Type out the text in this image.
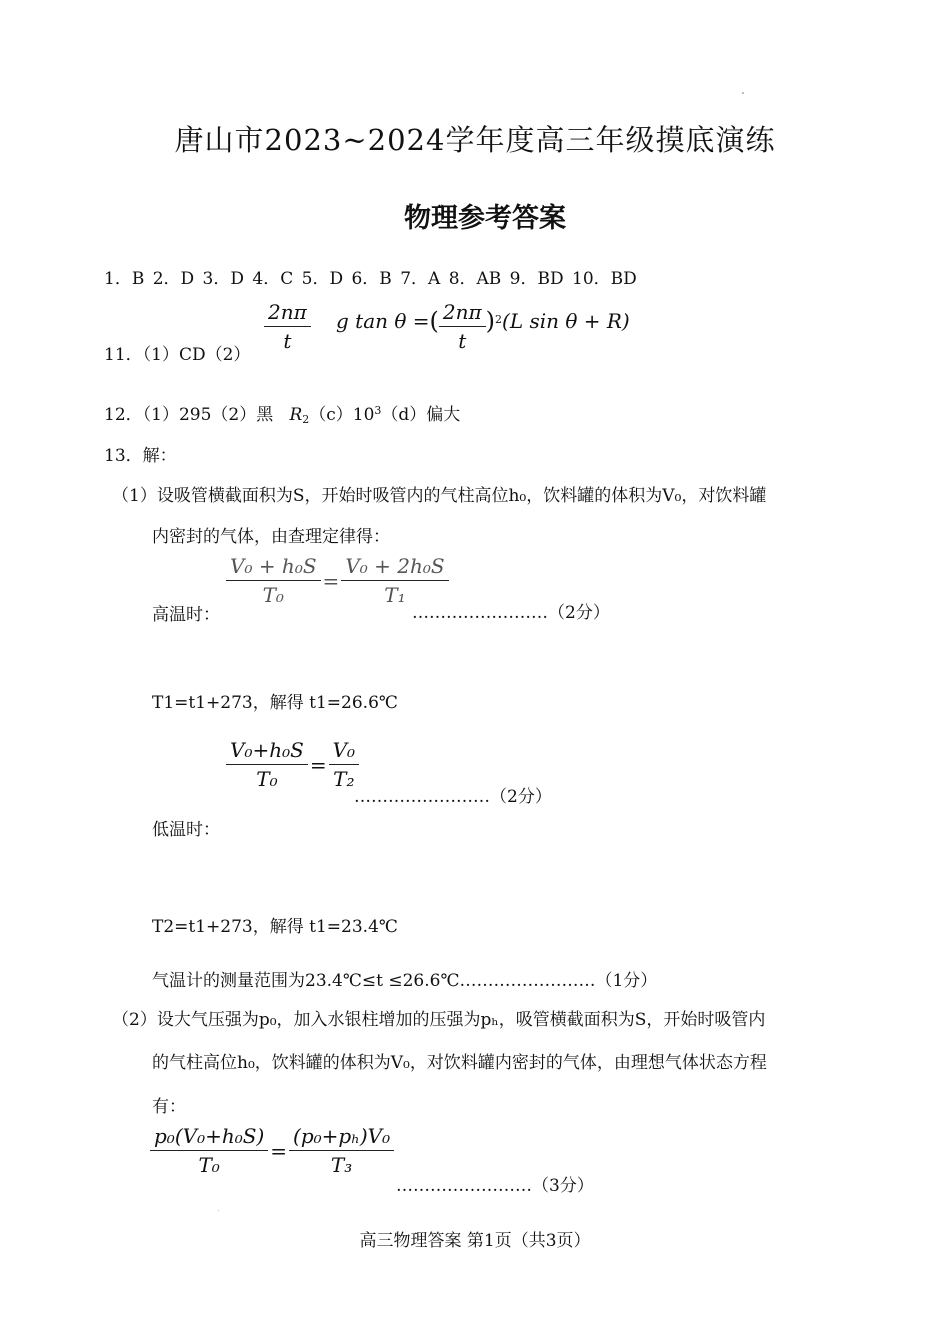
唐山市2023~2024学年度高三年级摸底演练
物理参考答案
1．B 2．D 3．D 4．C 5．D 6．B 7．A 8．AB 9．BD 10．BD
11．（1）CD（2）
$\frac{2n\pi}{t}$ g tan θ = ( $\frac{2n\pi}{t} )^2$ (L sin θ + R)
12．（1）295（2）黑 $R_2(c)10^3(d)$偏大
13．解：
（1）设吸管横截面积为S，开始时吸管内的气柱高位h₀，饮料罐的体积为V₀，对饮料罐
内密封的气体，由查理定律得：
高温时：
$\frac{\text{V₀ + h₀S}}{\text{T₀}} = \frac{\text{V₀ + 2h₀S}}{\text{T₁}}$
……………………（2分）
T1=t1+273，解得 t1=26.6℃
$\frac{\text{V₀+h₀S}}{\text{T₀}} = \frac{\text{V₀}}{\text{T₂}}$
……………………（2分）
低温时：
T2=t1+273，解得 t1=23.4℃
气温计的测量范围为23.4℃≤t ≤26.6℃……………………（1分）
（2）设大气压强为p₀，加入水银柱增加的压强为pₕ，吸管横截面积为S，开始时吸管内
的气柱高位h₀，饮料罐的体积为V₀，对饮料罐内密封的气体，由理想气体状态方程
有：
$\frac{\text{p₀(V₀+h₀S)}}{\text{T₀}} = \frac{\text{(p₀+pₕ)V₀}}{\text{T₃}}$
……………………（3分）
高三物理答案 第1页（共3页）
